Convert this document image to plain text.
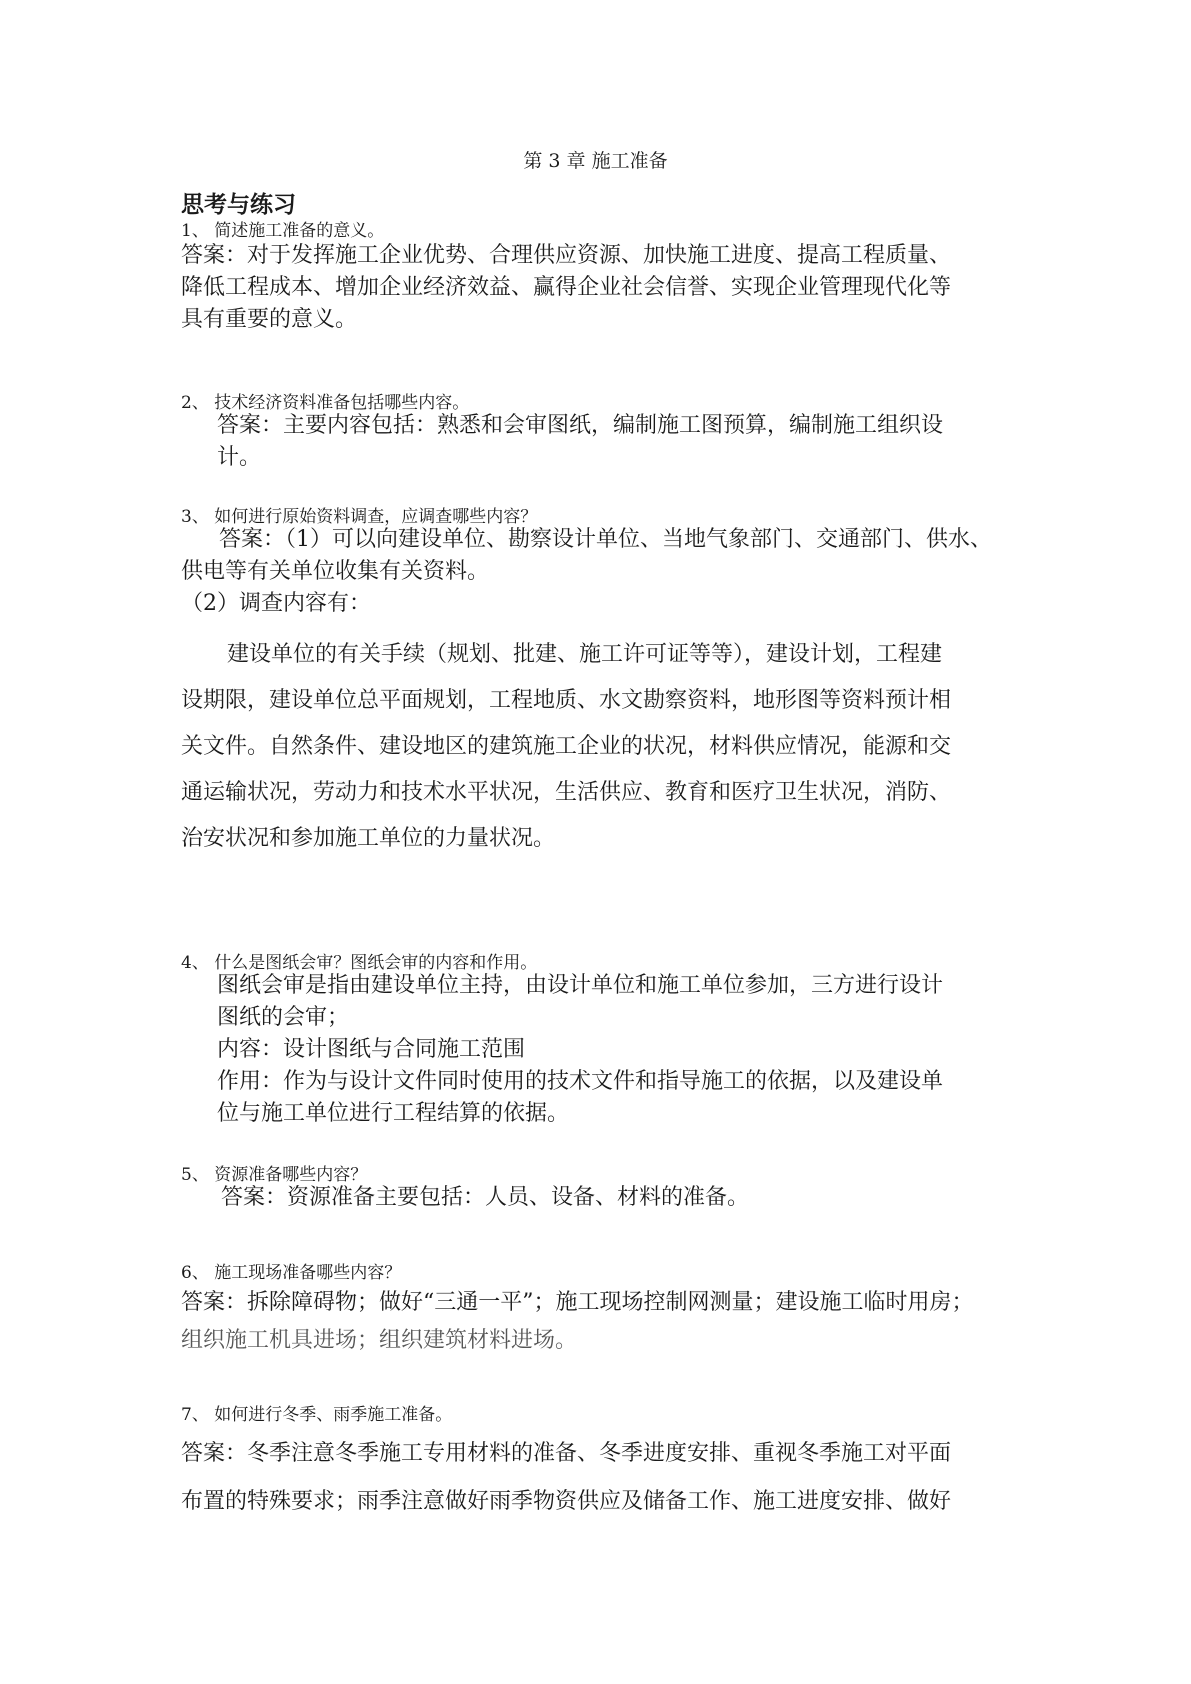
第 3 章 施工准备
思考与练习
1、 简述施工准备的意义。
答案：对于发挥施工企业优势、合理供应资源、加快施工进度、提高工程质量、
降低工程成本、增加企业经济效益、赢得企业社会信誉、实现企业管理现代化等
具有重要的意义。
2、 技术经济资料准备包括哪些内容。
答案：主要内容包括：熟悉和会审图纸，编制施工图预算，编制施工组织设
计。
3、 如何进行原始资料调查，应调查哪些内容？
答案：（1）可以向建设单位、勘察设计单位、当地气象部门、交通部门、供水、
供电等有关单位收集有关资料。
（2）调查内容有：
建设单位的有关手续（规划、批建、施工许可证等等），建设计划，工程建
设期限，建设单位总平面规划，工程地质、水文勘察资料，地形图等资料预计相
关文件。自然条件、建设地区的建筑施工企业的状况，材料供应情况，能源和交
通运输状况，劳动力和技术水平状况，生活供应、教育和医疗卫生状况，消防、
治安状况和参加施工单位的力量状况。
4、 什么是图纸会审？图纸会审的内容和作用。
图纸会审是指由建设单位主持，由设计单位和施工单位参加，三方进行设计
图纸的会审；
内容：设计图纸与合同施工范围
作用：作为与设计文件同时使用的技术文件和指导施工的依据，以及建设单
位与施工单位进行工程结算的依据。
5、 资源准备哪些内容？
答案：资源准备主要包括：人员、设备、材料的准备。
6、 施工现场准备哪些内容？
答案：拆除障碍物；做好“三通一平”；施工现场控制网测量；建设施工临时用房；
组织施工机具进场；组织建筑材料进场。
7、 如何进行冬季、雨季施工准备。
答案：冬季注意冬季施工专用材料的准备、冬季进度安排、重视冬季施工对平面
布置的特殊要求；雨季注意做好雨季物资供应及储备工作、施工进度安排、做好
